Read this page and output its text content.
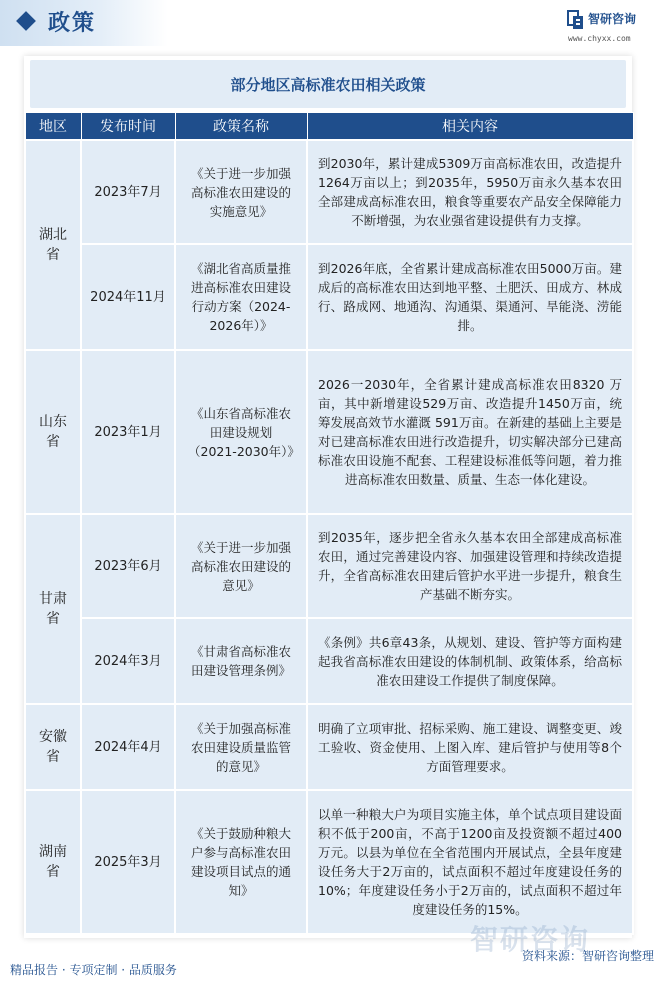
政策	智研咨询
www.chyxx.com
部分地区高标准农田相关政策
地区	发布时间	政策名称	相关内容
湖北省	2023年7月	《关于进一步加强高标准农田建设的实施意见》	到2030年，累计建成5309万亩高标准农田，改造提升1264万亩以上；到2035年，5950万亩永久基本农田全部建成高标准农田，粮食等重要农产品安全保障能力不断增强，为农业强省建设提供有力支撑。
	2024年11月	《湖北省高质量推进高标准农田建设行动方案（2024-2026年）》	到2026年底，全省累计建成高标准农田5000万亩。建成后的高标准农田达到地平整、土肥沃、田成方、林成行、路成网、地通沟、沟通渠、渠通河、旱能浇、涝能排。
山东省	2023年1月	《山东省高标准农田建设规划（2021-2030年）》	2026一2030年，全省累计建成高标准农田8320 万亩，其中新增建设529万亩、改造提升1450万亩，统筹发展高效节水灌溉 591万亩。在新建的基础上主要是对已建高标准农田进行改造提升，切实解决部分已建高标准农田设施不配套、工程建设标准低等问题，着力推进高标准农田数量、质量、生态一体化建设。
甘肃省	2023年6月	《关于进一步加强高标准农田建设的意见》	到2035年，逐步把全省永久基本农田全部建成高标准农田，通过完善建设内容、加强建设管理和持续改造提升，全省高标准农田建后管护水平进一步提升，粮食生产基础不断夯实。
	2024年3月	《甘肃省高标准农田建设管理条例》	《条例》共6章43条，从规划、建设、管护等方面构建起我省高标准农田建设的体制机制、政策体系，给高标准农田建设工作提供了制度保障。
安徽省	2024年4月	《关于加强高标准农田建设质量监管的意见》	明确了立项审批、招标采购、施工建设、调整变更、竣工验收、资金使用、上图入库、建后管护与使用等8个方面管理要求。
湖南省	2025年3月	《关于鼓励种粮大户参与高标准农田建设项目试点的通知》	以单一种粮大户为项目实施主体，单个试点项目建设面积不低于200亩，不高于1200亩及投资额不超过400万元。以县为单位在全省范围内开展试点，全县年度建设任务大于2万亩的，试点面积不超过年度建设任务的10%；年度建设任务小于2万亩的，试点面积不超过年度建设任务的15%。
智研咨询
资料来源：智研咨询整理
精品报告 · 专项定制 · 品质服务
